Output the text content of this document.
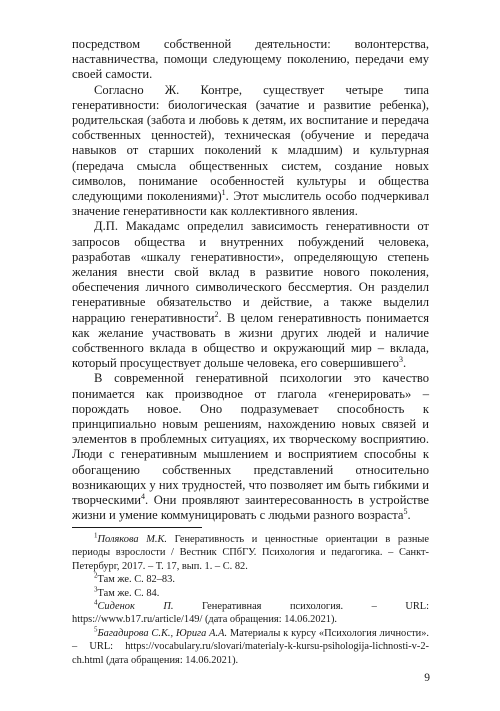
посредством собственной деятельности: волонтерства, наставничества, помощи следующему поколению, передачи ему своей самости.

Согласно Ж. Контре, существует четыре типа генеративности: биологическая (зачатие и развитие ребенка), родительская (забота и любовь к детям, их воспитание и передача собственных ценностей), техническая (обучение и передача навыков от старших поколений к младшим) и культурная (передача смысла общественных систем, создание новых символов, понимание особенностей культуры и общества следующими поколениями)$^1$. Этот мыслитель особо подчеркивал значение генеративности как коллективного явления.

Д.П. Макадамс определил зависимость генеративности от запросов общества и внутренних побуждений человека, разработав «шкалу генеративности», определяющую степень желания внести свой вклад в развитие нового поколения, обеспечения личного символического бессмертия. Он разделил генеративные обязательство и действие, а также выделил наррацию генеративности$^2$. В целом генеративность понимается как желание участвовать в жизни других людей и наличие собственного вклада в общество и окружающий мир – вклада, который просуществует дольше человека, его совершившего$^3$.

В современной генеративной психологии это качество понимается как производное от глагола «генерировать» – порождать новое. Оно подразумевает способность к принципиально новым решениям, нахождению новых связей и элементов в проблемных ситуациях, их творческому восприятию. Люди с генеративным мышлением и восприятием способны к обогащению собственных представлений относительно возникающих у них трудностей, что позволяет им быть гибкими и творческими$^4$. Они проявляют заинтересованность в устройстве жизни и умение коммуницировать с людьми разного возраста$^5$.

$^1$Полякова М.К. Генеративность и ценностные ориентации в разные периоды взрослости / Вестник СПбГУ. Психология и педагогика. – Санкт-Петербург, 2017. – Т. 17, вып. 1. – С. 82.

$^2$Там же. С. 82–83.

$^3$Там же. С. 84.

$^4$Сиденок П. Генеративная психология. – URL: https://www.b17.ru/article/149/ (дата обращения: 14.06.2021).

$^5$Багадирова С.К., Юрига А.А. Материалы к курсу «Психология личности». – URL: https://vocabulary.ru/slovari/materialy-k-kursu-psihologija-lichnosti-v-2-ch.html (дата обращения: 14.06.2021).

9
